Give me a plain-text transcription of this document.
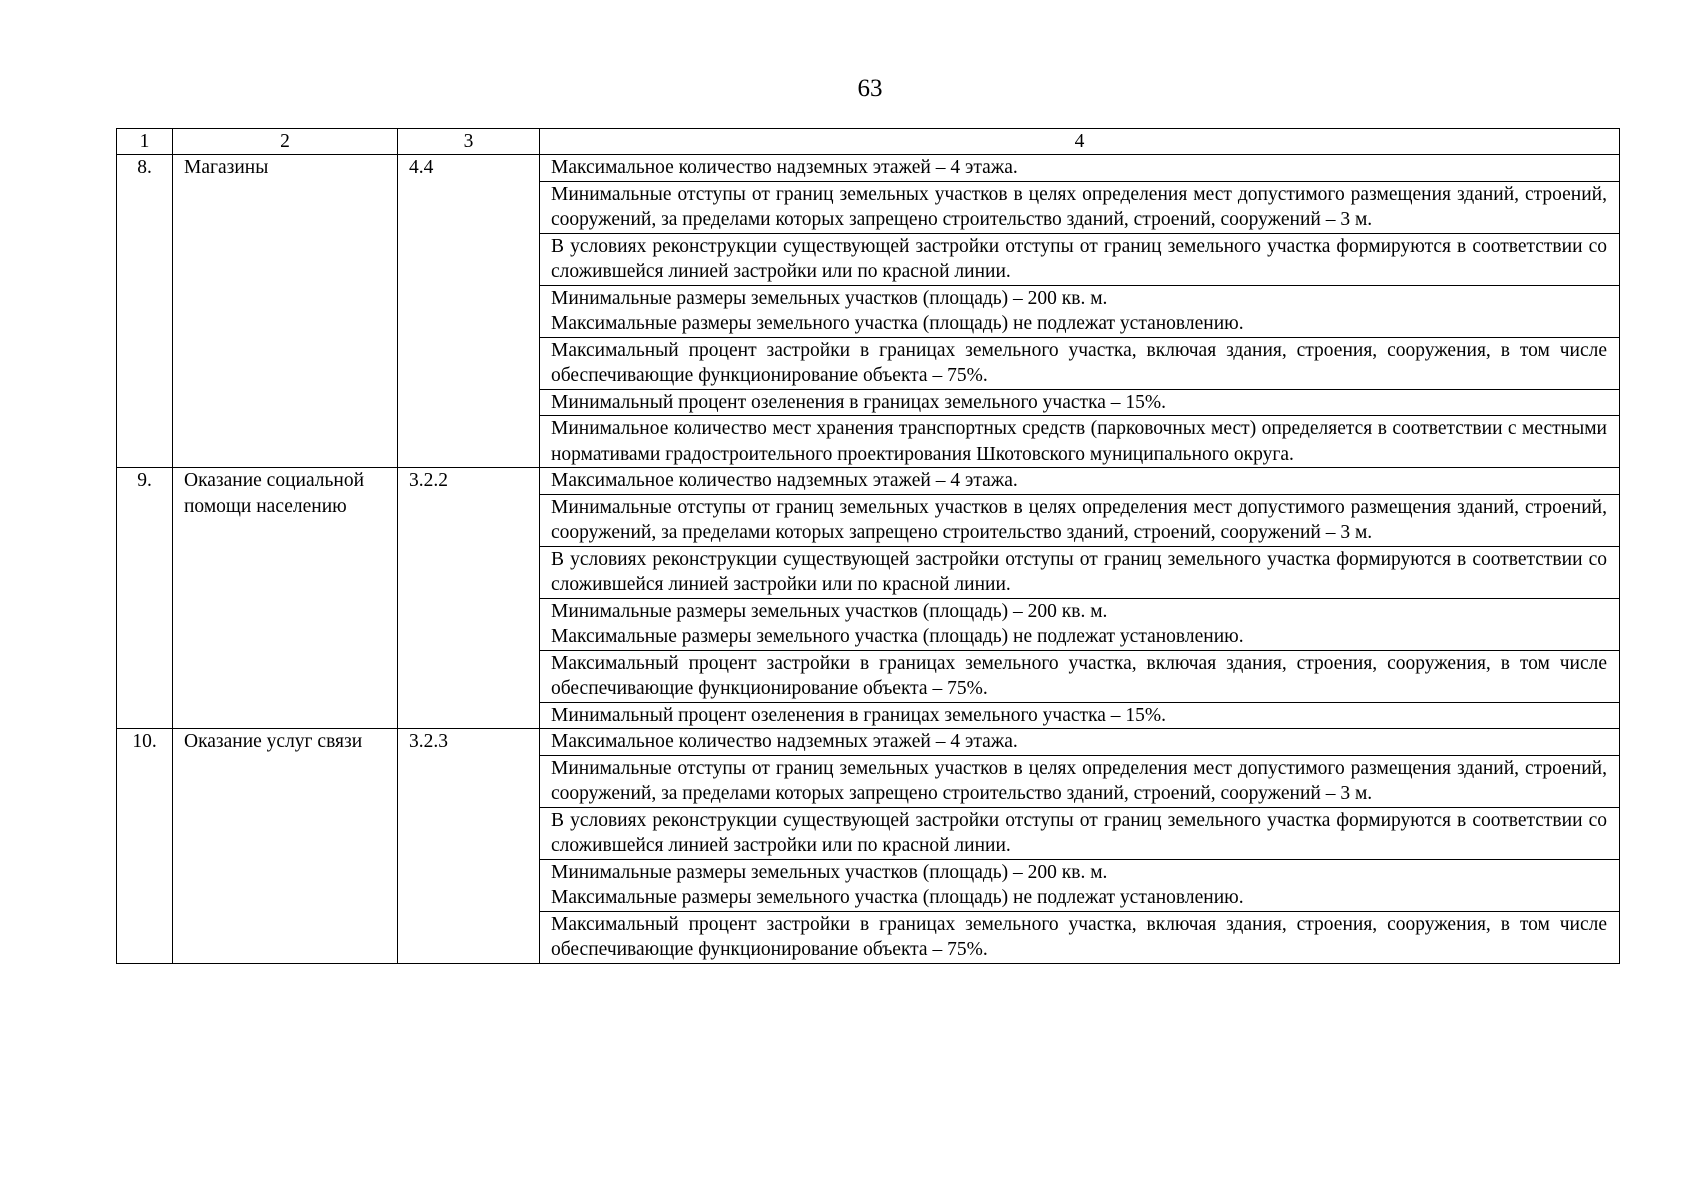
63
1	2	3	4
8.	Магазины	4.4	Максимальное количество надземных этажей – 4 этажа.

			Минимальные отступы от границ земельных участков в целях определения мест допустимого размещения зданий, строений, сооружений, за пределами которых запрещено строительство зданий, строений, сооружений – 3 м.

			В условиях реконструкции существующей застройки отступы от границ земельного участка формируются в соответствии со сложившейся линией застройки или по красной линии.

			Минимальные размеры земельных участков (площадь) – 200 кв. м.
Максимальные размеры земельного участка (площадь) не подлежат установлению.

			Максимальный процент застройки в границах земельного участка, включая здания, строения, сооружения, в том числе обеспечивающие функционирование объекта – 75%.

			Минимальный процент озеленения в границах земельного участка – 15%.

			Минимальное количество мест хранения транспортных средств (парковочных мест) определяется в соответствии с местными нормативами градостроительного проектирования Шкотовского муниципального округа.

9.	Оказание социальной помощи населению	3.2.2	Максимальное количество надземных этажей – 4 этажа.

			Минимальные отступы от границ земельных участков в целях определения мест допустимого размещения зданий, строений, сооружений, за пределами которых запрещено строительство зданий, строений, сооружений – 3 м.

			В условиях реконструкции существующей застройки отступы от границ земельного участка формируются в соответствии со сложившейся линией застройки или по красной линии.

			Минимальные размеры земельных участков (площадь) – 200 кв. м.
Максимальные размеры земельного участка (площадь) не подлежат установлению.

			Максимальный процент застройки в границах земельного участка, включая здания, строения, сооружения, в том числе обеспечивающие функционирование объекта – 75%.

			Минимальный процент озеленения в границах земельного участка – 15%.

10.	Оказание услуг связи	3.2.3	Максимальное количество надземных этажей – 4 этажа.

			Минимальные отступы от границ земельных участков в целях определения мест допустимого размещения зданий, строений, сооружений, за пределами которых запрещено строительство зданий, строений, сооружений – 3 м.

			В условиях реконструкции существующей застройки отступы от границ земельного участка формируются в соответствии со сложившейся линией застройки или по красной линии.

			Минимальные размеры земельных участков (площадь) – 200 кв. м.
Максимальные размеры земельного участка (площадь) не подлежат установлению.

			Максимальный процент застройки в границах земельного участка, включая здания, строения, сооружения, в том числе обеспечивающие функционирование объекта – 75%.
